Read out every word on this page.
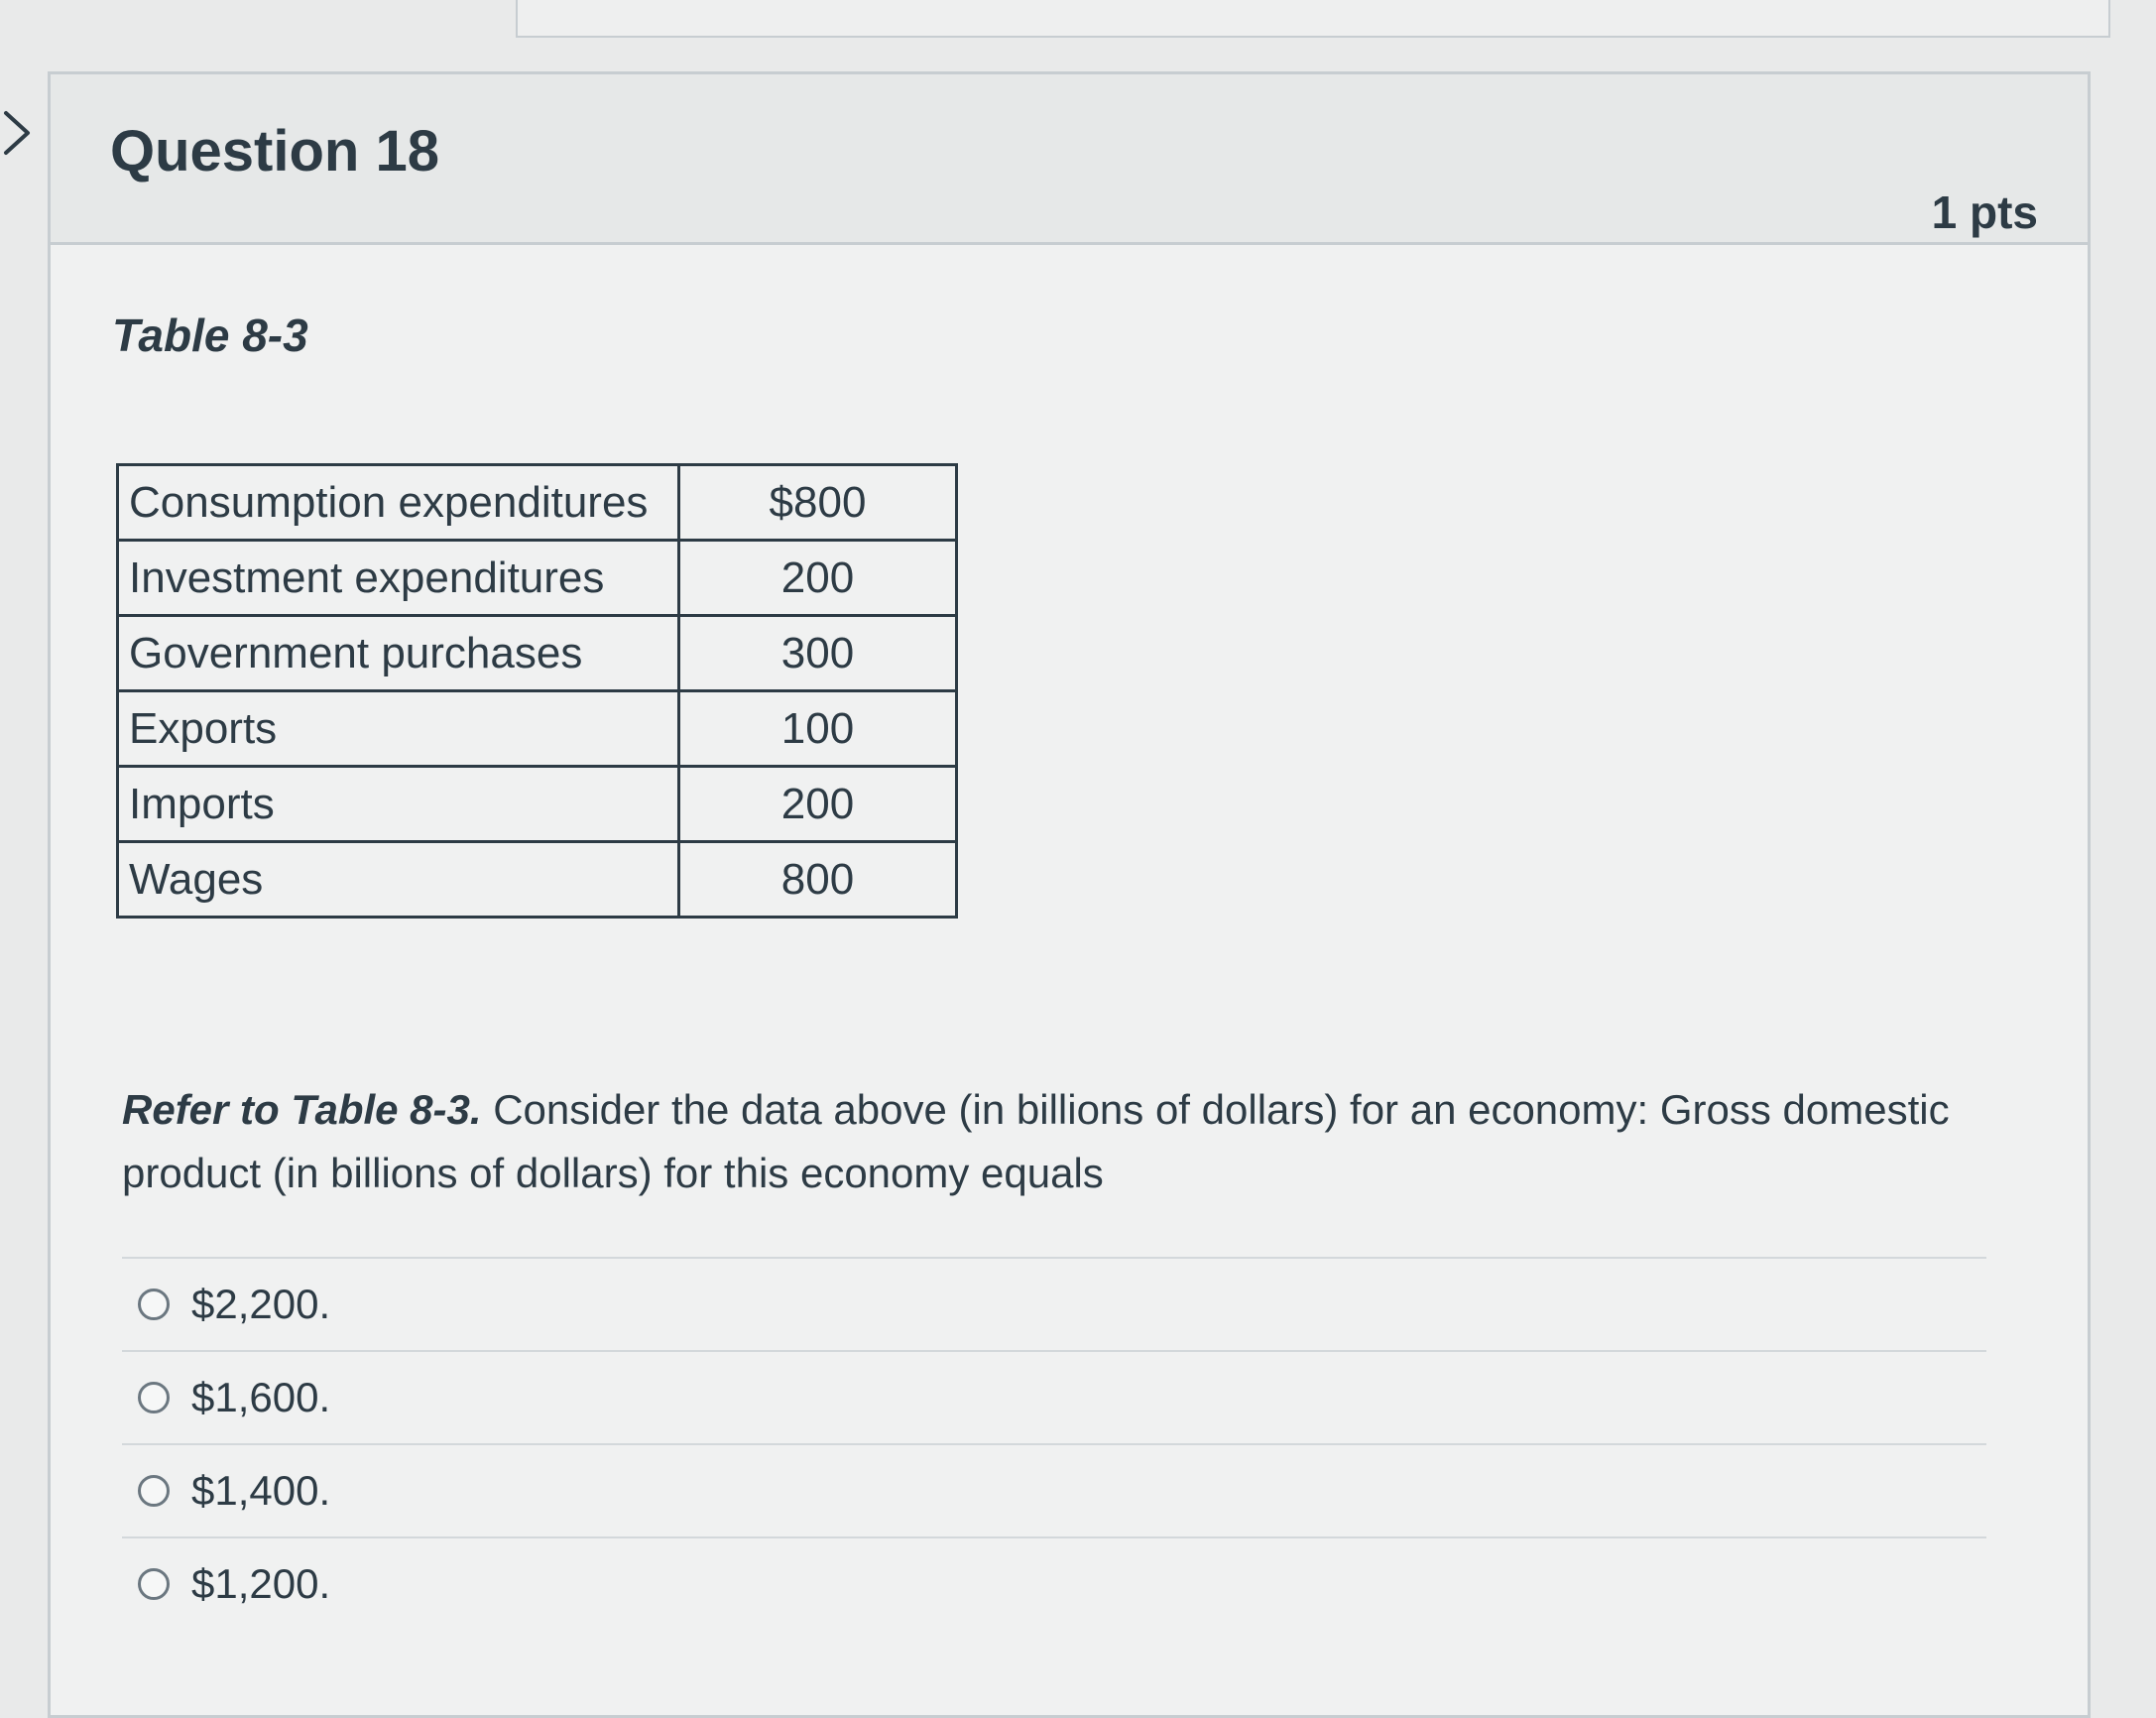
Question 18
1 pts
Table 8-3
Consumption expenditures	$800
Investment expenditures	200
Government purchases	300
Exports	100
Imports	200
Wages	800
Refer to Table 8-3. Consider the data above (in billions of dollars) for an economy: Gross domestic product (in billions of dollars) for this economy equals
$2,200.
$1,600.
$1,400.
$1,200.
